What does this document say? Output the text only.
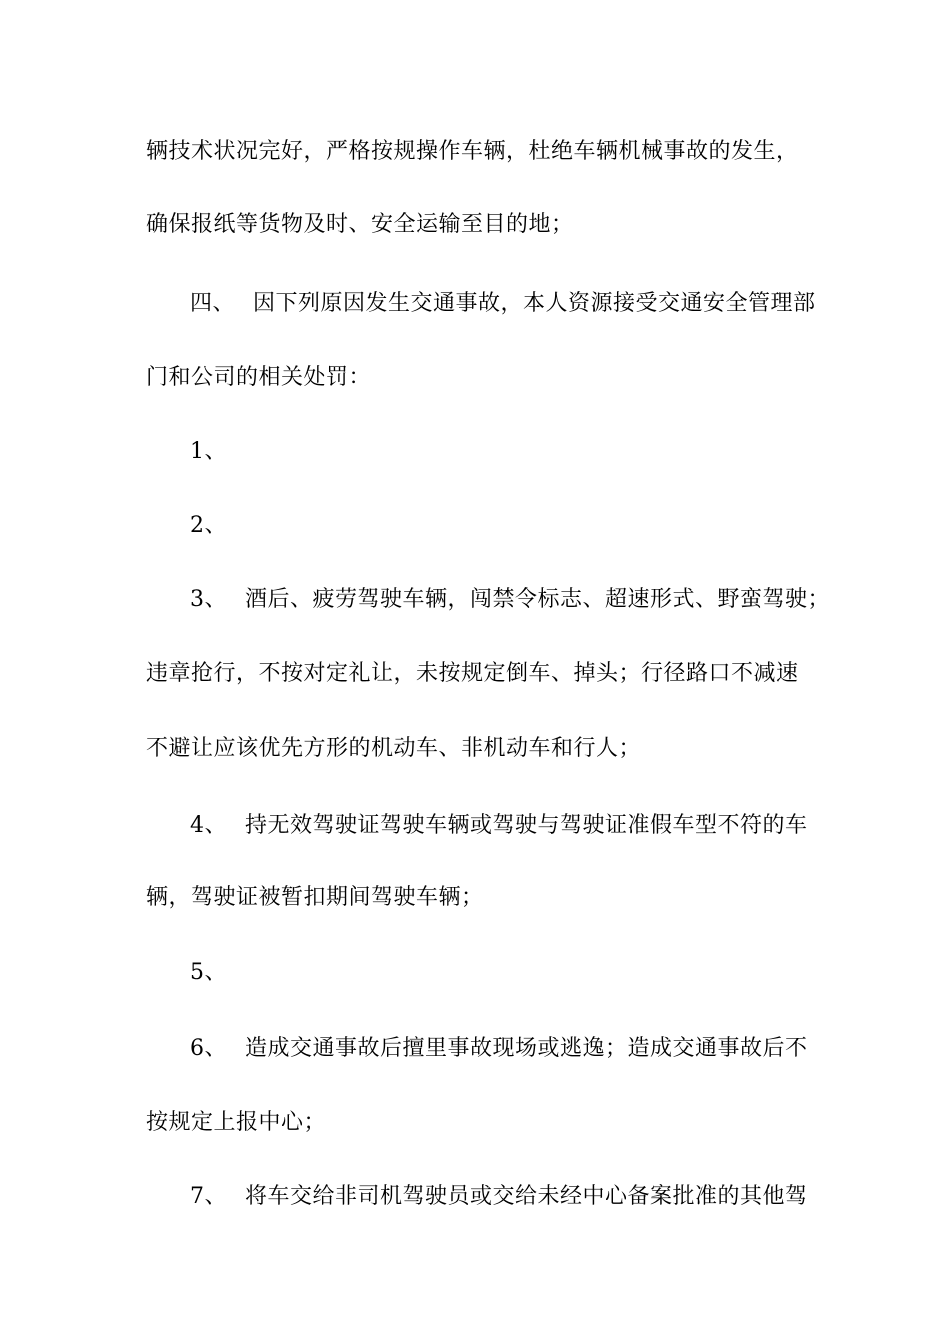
辆技术状况完好，严格按规操作车辆，杜绝车辆机械事故的发生，
确保报纸等货物及时、安全运输至目的地；
四、 因下列原因发生交通事故，本人资源接受交通安全管理部
门和公司的相关处罚：
1、
2、
3、 酒后、疲劳驾驶车辆，闯禁令标志、超速形式、野蛮驾驶；
违章抢行，不按对定礼让，未按规定倒车、掉头；行径路口不减速
不避让应该优先方形的机动车、非机动车和行人；
4、 持无效驾驶证驾驶车辆或驾驶与驾驶证准假车型不符的车
辆，驾驶证被暂扣期间驾驶车辆；
5、
6、 造成交通事故后擅里事故现场或逃逸；造成交通事故后不
按规定上报中心；
7、 将车交给非司机驾驶员或交给未经中心备案批准的其他驾
